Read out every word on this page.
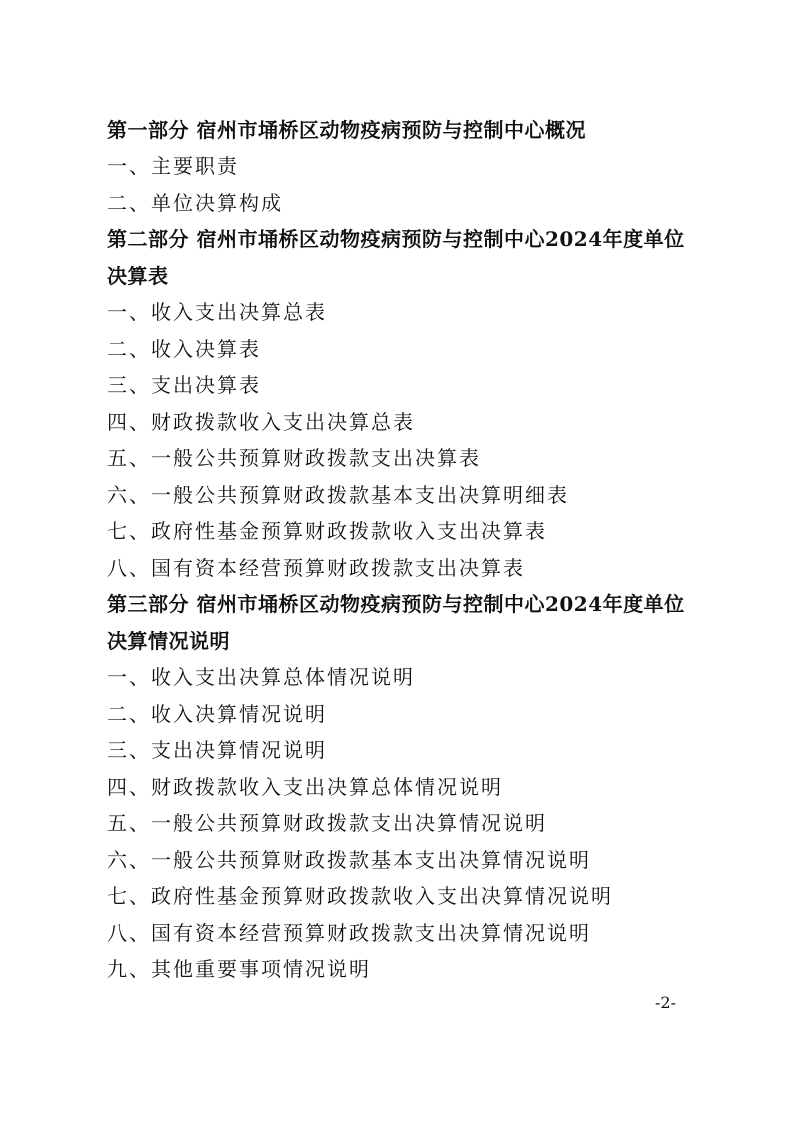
第一部分 宿州市埇桥区动物疫病预防与控制中心概况
一、主要职责
二、单位决算构成
第二部分 宿州市埇桥区动物疫病预防与控制中心2024年度单位
决算表
一、收入支出决算总表
二、收入决算表
三、支出决算表
四、财政拨款收入支出决算总表
五、一般公共预算财政拨款支出决算表
六、一般公共预算财政拨款基本支出决算明细表
七、政府性基金预算财政拨款收入支出决算表
八、国有资本经营预算财政拨款支出决算表
第三部分 宿州市埇桥区动物疫病预防与控制中心2024年度单位
决算情况说明
一、收入支出决算总体情况说明
二、收入决算情况说明
三、支出决算情况说明
四、财政拨款收入支出决算总体情况说明
五、一般公共预算财政拨款支出决算情况说明
六、一般公共预算财政拨款基本支出决算情况说明
七、政府性基金预算财政拨款收入支出决算情况说明
八、国有资本经营预算财政拨款支出决算情况说明
九、其他重要事项情况说明
-2-
